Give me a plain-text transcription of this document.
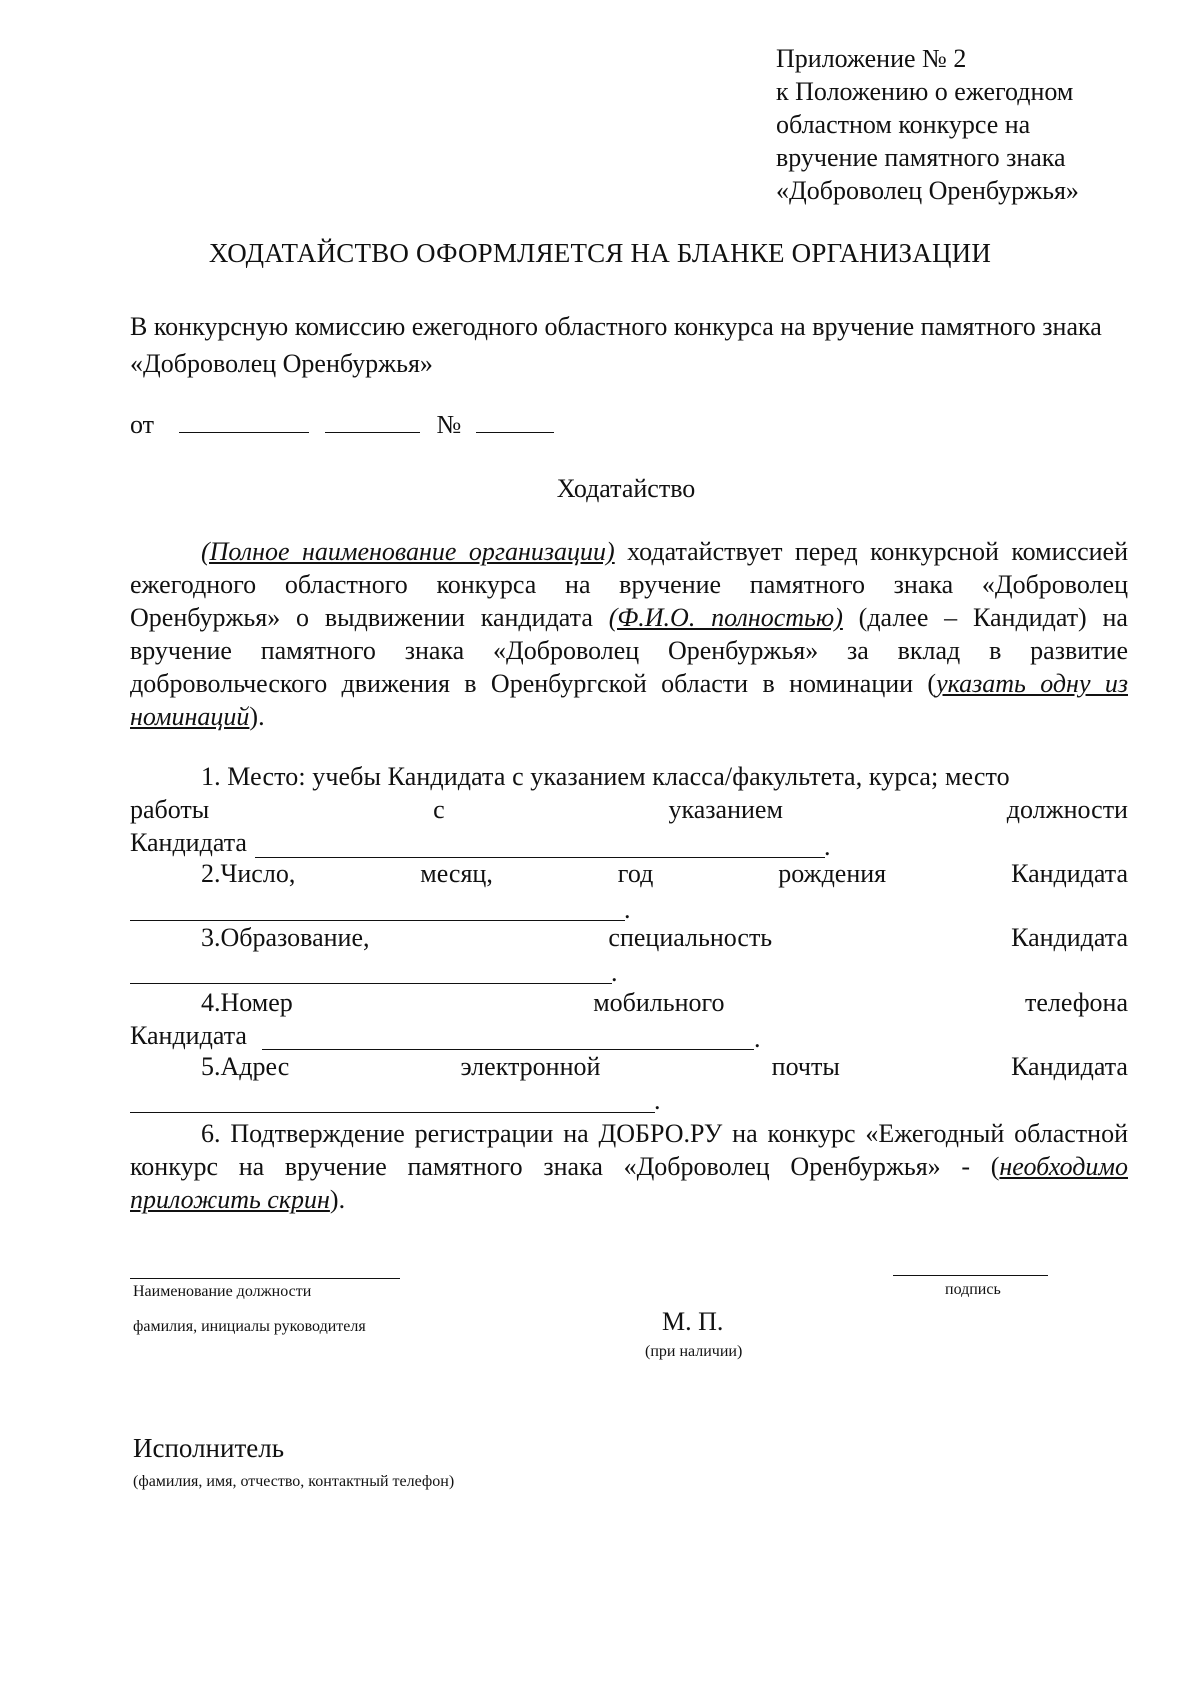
Приложение № 2
к Положению о ежегодном
областном конкурсе на
вручение памятного знака
«Доброволец Оренбуржья»
ХОДАТАЙСТВО ОФОРМЛЯЕТСЯ НА БЛАНКЕ ОРГАНИЗАЦИИ
В конкурсную комиссию ежегодного областного конкурса на вручение памятного знака «Доброволец Оренбуржья»
от	№
Ходатайство
(Полное наименование организации) ходатайствует перед конкурсной комиссией ежегодного областного конкурса на вручение памятного знака «Доброволец Оренбуржья» о выдвижении кандидата (Ф.И.О. полностью) (далее – Кандидат) на вручение памятного знака «Доброволец Оренбуржья» за вклад в развитие добровольческого движения в Оренбургской области в номинации (указать одну из номинаций).
1. Место: учебы Кандидата с указанием класса/факультета, курса; место
работы	с	указанием	должности
Кандидата	.
2.Число,	месяц,	год	рождения	Кандидата
.
3.Образование,	специальность	Кандидата
.
4.Номер	мобильного	телефона
Кандидата	.
5.Адрес	электронной	почты	Кандидата
.
6. Подтверждение регистрации на ДОБРО.РУ на конкурс «Ежегодный областной конкурс на вручение памятного знака «Доброволец Оренбуржья» - (необходимо приложить скрин).
Наименование должности
фамилия, инициалы руководителя	М. П.
(при наличии)
подпись
Исполнитель
(фамилия, имя, отчество, контактный телефон)
